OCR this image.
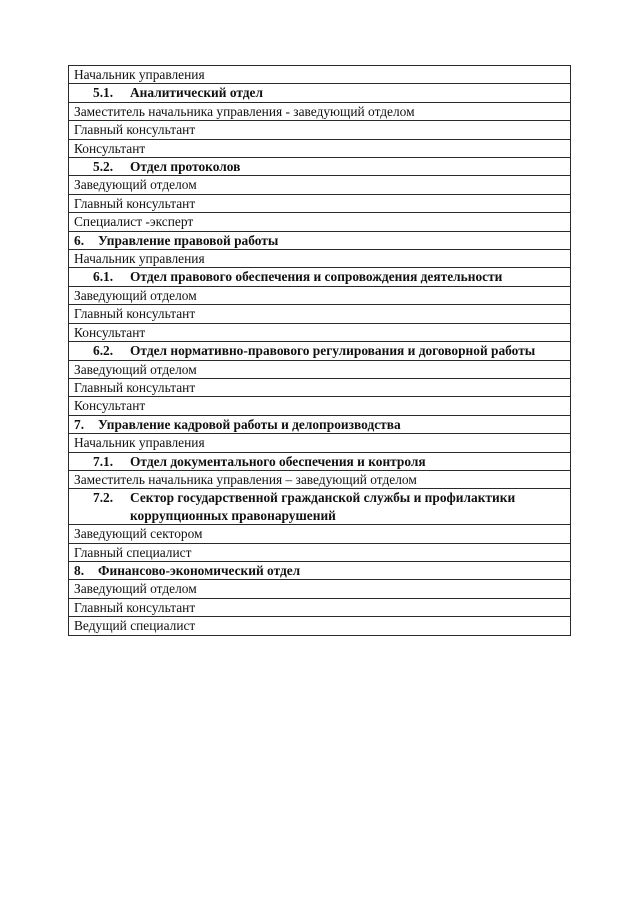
Начальник управления

5.1.	Аналитический отдел

Заместитель начальника управления - заведующий отделом
Главный консультант
Консультант

5.2.	Отдел протоколов

Заведующий отделом
Главный консультант
Специалист -эксперт

6.	Управление правовой работы

Начальник управления

6.1.	Отдел правового обеспечения и сопровождения деятельности

Заведующий отделом
Главный консультант
Консультант

6.2.	Отдел нормативно-правового регулирования и договорной работы

Заведующий отделом
Главный консультант
Консультант

7.	Управление кадровой работы и делопроизводства

Начальник управления

7.1.	Отдел документального обеспечения и контроля

Заместитель начальника управления – заведующий отделом

7.2.	Сектор государственной гражданской службы и профилактики коррупционных правонарушений

Заведующий сектором
Главный специалист

8.	Финансово-экономический отдел

Заведующий отделом
Главный консультант
Ведущий специалист
